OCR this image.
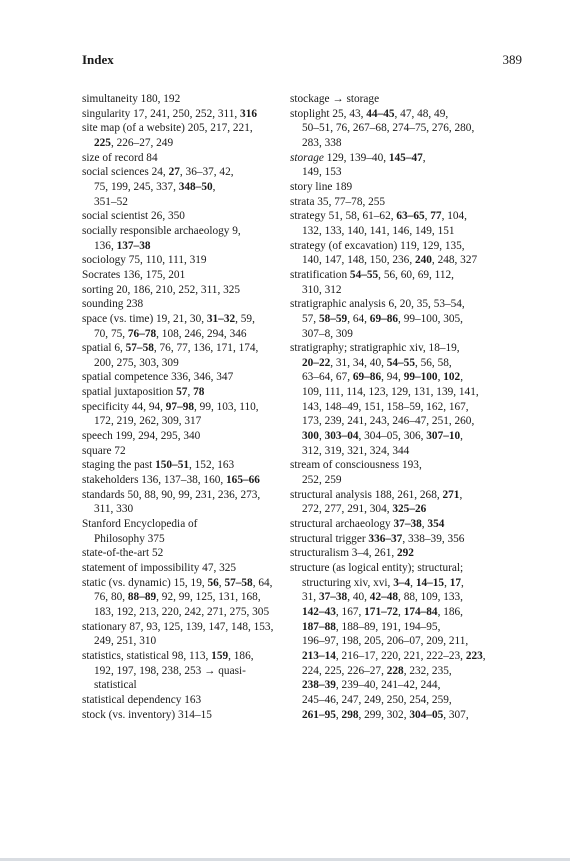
Index	389
simultaneity 180, 192
singularity 17, 241, 250, 252, 311, 316
site map (of a website) 205, 217, 221,
225, 226–27, 249
size of record 84
social sciences 24, 27, 36–37, 42,
75, 199, 245, 337, 348–50,
351–52
social scientist 26, 350
socially responsible archaeology 9,
136, 137–38
sociology 75, 110, 111, 319
Socrates 136, 175, 201
sorting 20, 186, 210, 252, 311, 325
sounding 238
space (vs. time) 19, 21, 30, 31–32, 59,
70, 75, 76–78, 108, 246, 294, 346
spatial 6, 57–58, 76, 77, 136, 171, 174,
200, 275, 303, 309
spatial competence 336, 346, 347
spatial juxtaposition 57, 78
specificity 44, 94, 97–98, 99, 103, 110,
172, 219, 262, 309, 317
speech 199, 294, 295, 340
square 72
staging the past 150–51, 152, 163
stakeholders 136, 137–38, 160, 165–66
standards 50, 88, 90, 99, 231, 236, 273,
311, 330
Stanford Encyclopedia of
Philosophy 375
state-of-the-art 52
statement of impossibility 47, 325
static (vs. dynamic) 15, 19, 56, 57–58, 64,
76, 80, 88–89, 92, 99, 125, 131, 168,
183, 192, 213, 220, 242, 271, 275, 305
stationary 87, 93, 125, 139, 147, 148, 153,
249, 251, 310
statistics, statistical 98, 113, 159, 186,
192, 197, 198, 238, 253 → quasi-
statistical
statistical dependency 163
stock (vs. inventory) 314–15
stockage → storage
stoplight 25, 43, 44–45, 47, 48, 49,
50–51, 76, 267–68, 274–75, 276, 280,
283, 338
storage 129, 139–40, 145–47,
149, 153
story line 189
strata 35, 77–78, 255
strategy 51, 58, 61–62, 63–65, 77, 104,
132, 133, 140, 141, 146, 149, 151
strategy (of excavation) 119, 129, 135,
140, 147, 148, 150, 236, 240, 248, 327
stratification 54–55, 56, 60, 69, 112,
310, 312
stratigraphic analysis 6, 20, 35, 53–54,
57, 58–59, 64, 69–86, 99–100, 305,
307–8, 309
stratigraphy; stratigraphic xiv, 18–19,
20–22, 31, 34, 40, 54–55, 56, 58,
63–64, 67, 69–86, 94, 99–100, 102,
109, 111, 114, 123, 129, 131, 139, 141,
143, 148–49, 151, 158–59, 162, 167,
173, 239, 241, 243, 246–47, 251, 260,
300, 303–04, 304–05, 306, 307–10,
312, 319, 321, 324, 344
stream of consciousness 193,
252, 259
structural analysis 188, 261, 268, 271,
272, 277, 291, 304, 325–26
structural archaeology 37–38, 354
structural trigger 336–37, 338–39, 356
structuralism 3–4, 261, 292
structure (as logical entity); structural;
structuring xiv, xvi, 3–4, 14–15, 17,
31, 37–38, 40, 42–48, 88, 109, 133,
142–43, 167, 171–72, 174–84, 186,
187–88, 188–89, 191, 194–95,
196–97, 198, 205, 206–07, 209, 211,
213–14, 216–17, 220, 221, 222–23, 223,
224, 225, 226–27, 228, 232, 235,
238–39, 239–40, 241–42, 244,
245–46, 247, 249, 250, 254, 259,
261–95, 298, 299, 302, 304–05, 307,
